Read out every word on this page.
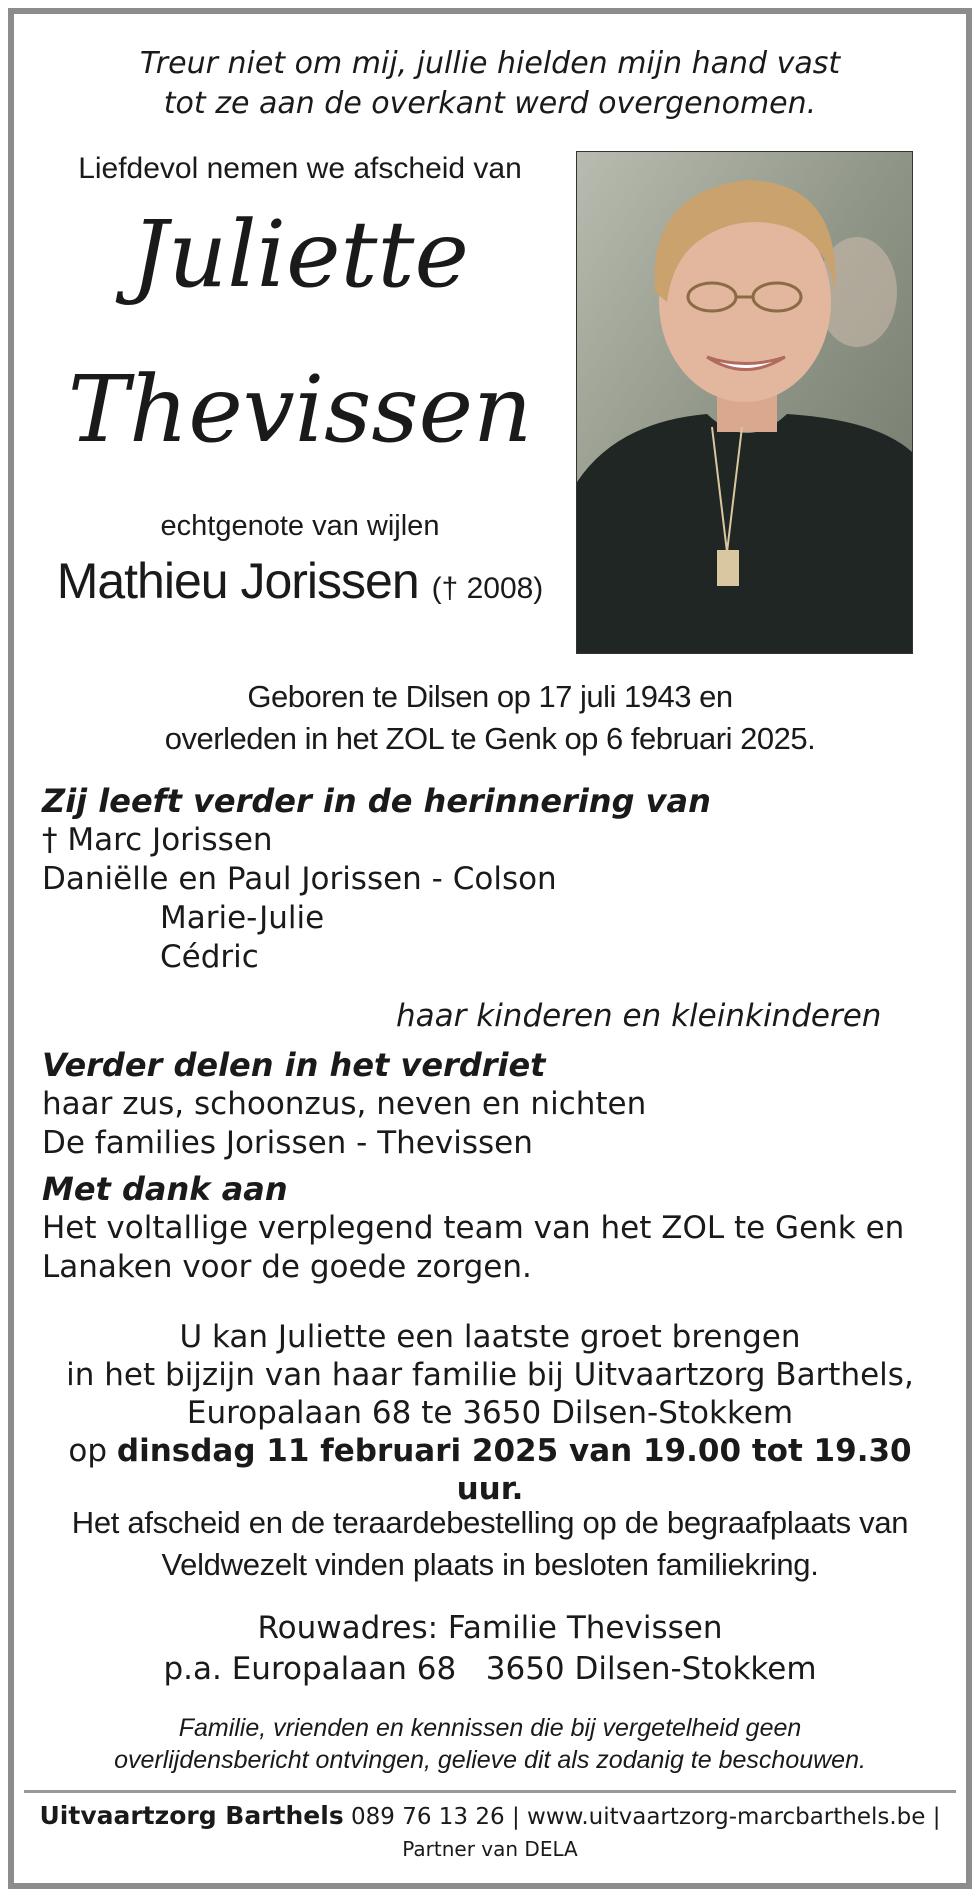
Treur niet om mij, jullie hielden mijn hand vast
tot ze aan de overkant werd overgenomen.
Liefdevol nemen we afscheid van
Juliette
Thevissen
echtgenote van wijlen
Mathieu Jorissen († 2008)
Geboren te Dilsen op 17 juli 1943 en
overleden in het ZOL te Genk op 6 februari 2025.
Zij leeft verder in de herinnering van
† Marc Jorissen
Daniëlle en Paul Jorissen - Colson
Marie-Julie
Cédric
haar kinderen en kleinkinderen
Verder delen in het verdriet
haar zus, schoonzus, neven en nichten
De families Jorissen - Thevissen
Met dank aan
Het voltallige verplegend team van het ZOL te Genk en
Lanaken voor de goede zorgen.
U kan Juliette een laatste groet brengen
in het bijzijn van haar familie bij Uitvaartzorg Barthels,
Europalaan 68 te 3650 Dilsen-Stokkem
op dinsdag 11 februari 2025 van 19.00 tot 19.30 uur.
Het afscheid en de teraardebestelling op de begraafplaats van
Veldwezelt vinden plaats in besloten familiekring.
Rouwadres: Familie Thevissen
p.a. Europalaan 68   3650 Dilsen-Stokkem
Familie, vrienden en kennissen die bij vergetelheid geen
overlijdensbericht ontvingen, gelieve dit als zodanig te beschouwen.
Uitvaartzorg Barthels 089 76 13 26 | www.uitvaartzorg-marcbarthels.be |
Partner van DELA
